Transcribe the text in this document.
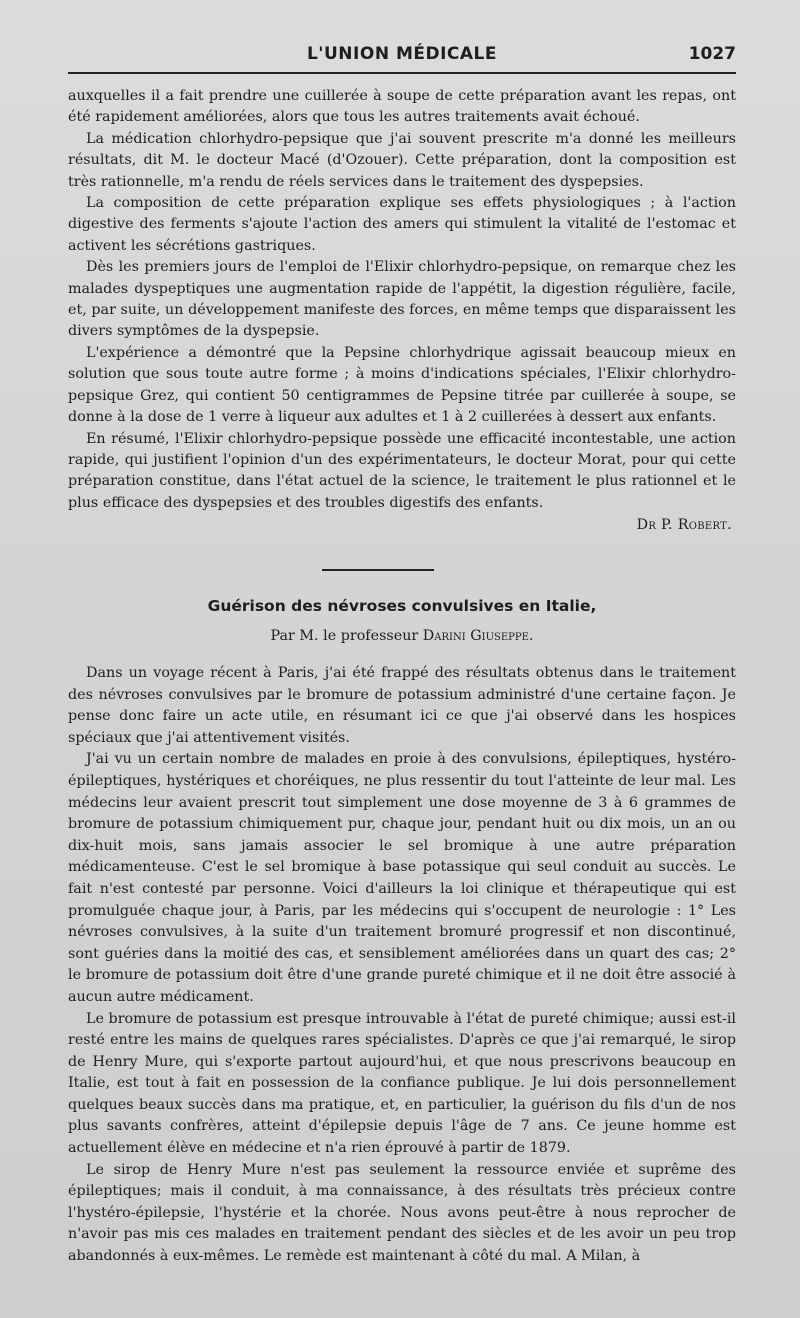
L'UNION MÉDICALE	1027

auxquelles il a fait prendre une cuillerée à soupe de cette préparation avant les repas, ont été rapidement améliorées, alors que tous les autres traitements avait échoué.

La médication chlorhydro-pepsique que j'ai souvent prescrite m'a donné les meilleurs résultats, dit M. le docteur Macé (d'Ozouer). Cette préparation, dont la composition est très rationnelle, m'a rendu de réels services dans le traitement des dyspepsies.

La composition de cette préparation explique ses effets physiologiques ; à l'action digestive des ferments s'ajoute l'action des amers qui stimulent la vitalité de l'estomac et activent les sécrétions gastriques.

Dès les premiers jours de l'emploi de l'Elixir chlorhydro-pepsique, on remarque chez les malades dyspeptiques une augmentation rapide de l'appétit, la digestion régulière, facile, et, par suite, un développement manifeste des forces, en même temps que disparaissent les divers symptômes de la dyspepsie.

L'expérience a démontré que la Pepsine chlorhydrique agissait beaucoup mieux en solution que sous toute autre forme ; à moins d'indications spéciales, l'Elixir chlorhydro-pepsique Grez, qui contient 50 centigrammes de Pepsine titrée par cuillerée à soupe, se donne à la dose de 1 verre à liqueur aux adultes et 1 à 2 cuillerées à dessert aux enfants.

En résumé, l'Elixir chlorhydro-pepsique possède une efficacité incontestable, une action rapide, qui justifient l'opinion d'un des expérimentateurs, le docteur Morat, pour qui cette préparation constitue, dans l'état actuel de la science, le traitement le plus rationnel et le plus efficace des dyspepsies et des troubles digestifs des enfants.

Dr P. Robert.
Guérison des névroses convulsives en Italie,
Par M. le professeur Darini Giuseppe.

Dans un voyage récent à Paris, j'ai été frappé des résultats obtenus dans le traitement des névroses convulsives par le bromure de potassium administré d'une certaine façon. Je pense donc faire un acte utile, en résumant ici ce que j'ai observé dans les hospices spéciaux que j'ai attentivement visités.

J'ai vu un certain nombre de malades en proie à des convulsions, épileptiques, hystéro-épileptiques, hystériques et choréiques, ne plus ressentir du tout l'atteinte de leur mal. Les médecins leur avaient prescrit tout simplement une dose moyenne de 3 à 6 grammes de bromure de potassium chimiquement pur, chaque jour, pendant huit ou dix mois, un an ou dix-huit mois, sans jamais associer le sel bromique à une autre préparation médicamenteuse. C'est le sel bromique à base potassique qui seul conduit au succès. Le fait n'est contesté par personne. Voici d'ailleurs la loi clinique et thérapeutique qui est promulguée chaque jour, à Paris, par les médecins qui s'occupent de neurologie : 1° Les névroses convulsives, à la suite d'un traitement bromuré progressif et non discontinué, sont guéries dans la moitié des cas, et sensiblement améliorées dans un quart des cas; 2° le bromure de potassium doit être d'une grande pureté chimique et il ne doit être associé à aucun autre médicament.

Le bromure de potassium est presque introuvable à l'état de pureté chimique; aussi est-il resté entre les mains de quelques rares spécialistes. D'après ce que j'ai remarqué, le sirop de Henry Mure, qui s'exporte partout aujourd'hui, et que nous prescrivons beaucoup en Italie, est tout à fait en possession de la confiance publique. Je lui dois personnellement quelques beaux succès dans ma pratique, et, en particulier, la guérison du fils d'un de nos plus savants confrères, atteint d'épilepsie depuis l'âge de 7 ans. Ce jeune homme est actuellement élève en médecine et n'a rien éprouvé à partir de 1879.

Le sirop de Henry Mure n'est pas seulement la ressource enviée et suprême des épileptiques; mais il conduit, à ma connaissance, à des résultats très précieux contre l'hystéro-épilepsie, l'hystérie et la chorée. Nous avons peut-être à nous reprocher de n'avoir pas mis ces malades en traitement pendant des siècles et de les avoir un peu trop abandonnés à eux-mêmes. Le remède est maintenant à côté du mal. A Milan, à
